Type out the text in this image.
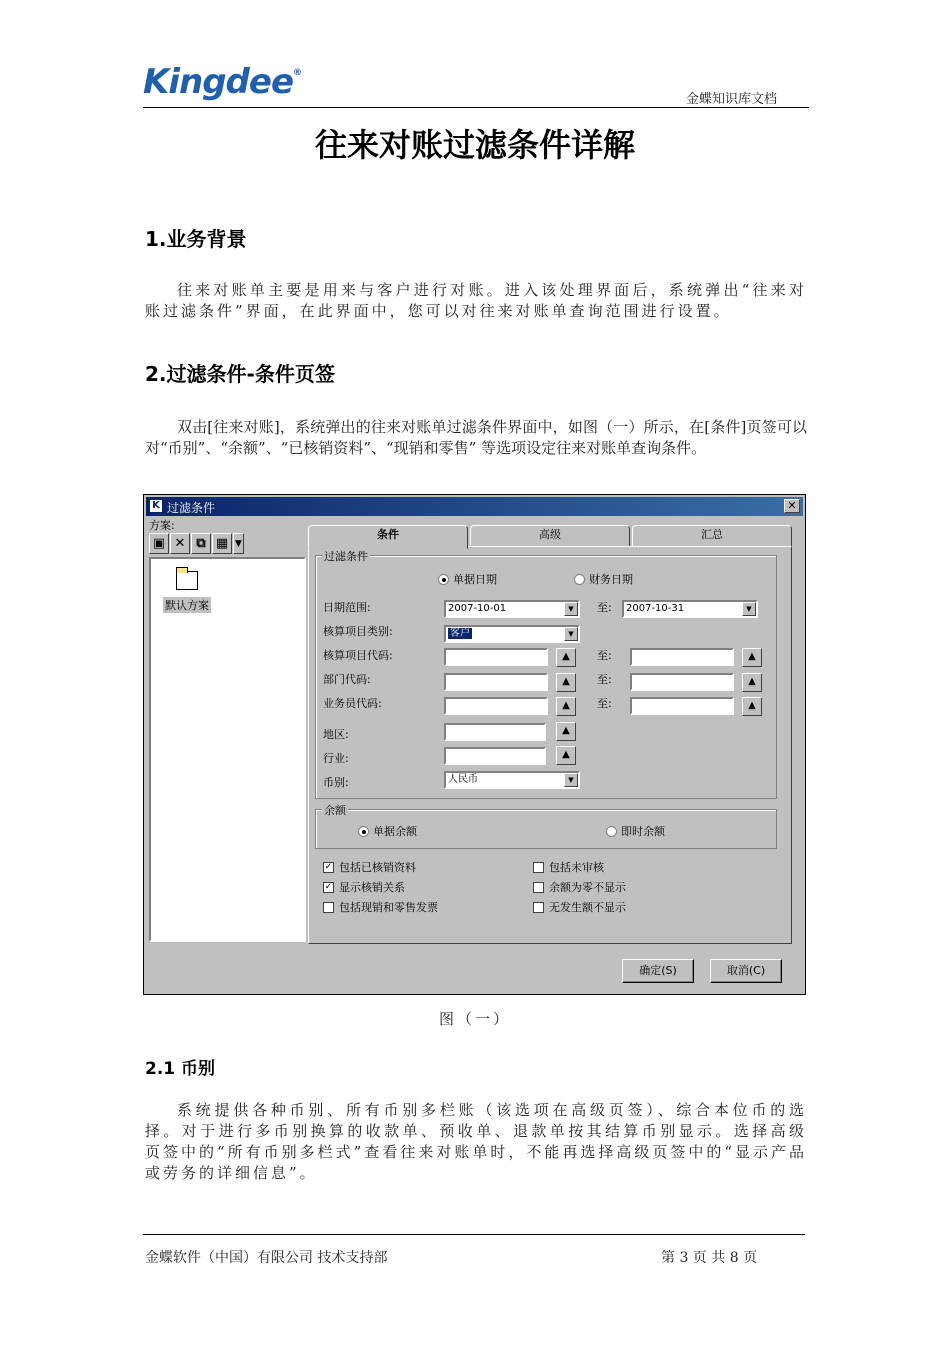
Kingdee®
金蝶知识库文档
往来对账过滤条件详解
1.业务背景
往来对账单主要是用来与客户进行对账。进入该处理界面后，系统弹出“往来对账过滤条件”界面，在此界面中，您可以对往来对账单查询范围进行设置。
2.过滤条件-条件页签
双击[往来对账]，系统弹出的往来对账单过滤条件界面中，如图（一）所示，在[条件]页签可以对“币别”、“余额”、“已核销资料”、“现销和零售” 等选项设定往来对账单查询条件。
K 过滤条件	✕
方案:
▣ ✕ ⧉ ▦ ▼
默认方案
条件	高级	汇总
过滤条件
单据日期	财务日期
日期范围:	2007-10-01	▼	至:	2007-10-31	▼
核算项目类别:	客户	▼
核算项目代码:	▲	至:	▲
部门代码:	▲	至:	▲
业务员代码:	▲	至:	▲
地区:	▲
行业:	▲
币别:	人民币	▼
余额
单据余额	即时余额
✓ 包括已核销资料
✓ 显示核销关系
包括现销和零售发票
包括未审核
余额为零不显示
无发生额不显示
确定(S)	取消(C)
图（一）
2.1 币别
系统提供各种币别、所有币别多栏账（该选项在高级页签）、综合本位币的选择。对于进行多币别换算的收款单、预收单、退款单按其结算币别显示。选择高级页签中的“所有币别多栏式”查看往来对账单时，不能再选择高级页签中的“显示产品或劳务的详细信息”。
金蝶软件（中国）有限公司 技术支持部	第 3 页 共 8 页
